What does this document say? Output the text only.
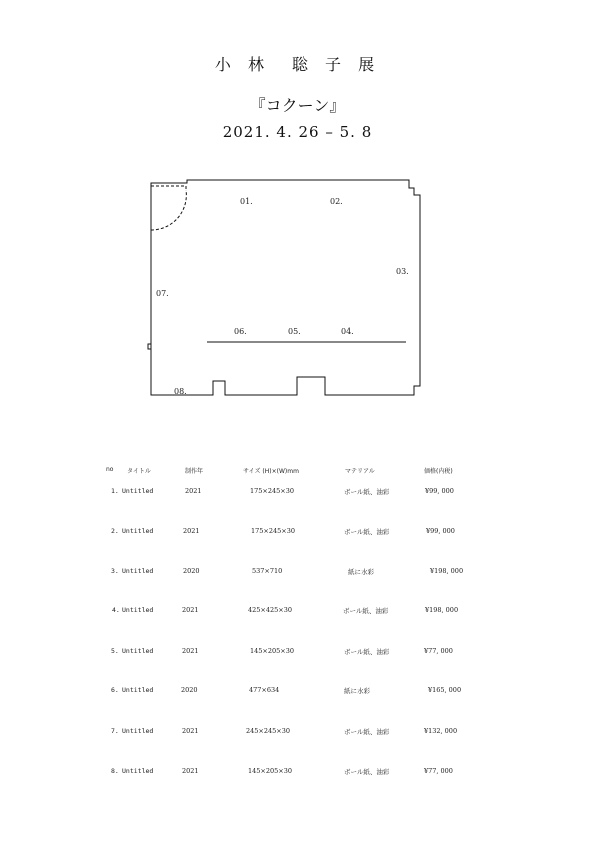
小 林　聡 子 展
『コクーン』
2021. 4. 26 – 5. 8
01.	02.
03.
04.
05.
06.
07.
08.
no タイトル	制作年	サイズ (H)×(W)mm	マテリアル	価格(内税)
1. Untitled	2021	175×245×30	ボール紙、油彩	¥99, 000
2. Untitled	2021	175×245×30	ボール紙、油彩	¥99, 000
3. Untitled	2020	537×710	紙に水彩	¥198, 000
4. Untitled	2021	425×425×30	ボール紙、油彩	¥198, 000
5. Untitled	2021	145×205×30	ボール紙、油彩	¥77, 000
6. Untitled	2020	477×634	紙に水彩	¥165, 000
7. Untitled	2021	245×245×30	ボール紙、油彩	¥132, 000
8. Untitled	2021	145×205×30	ボール紙、油彩	¥77, 000
